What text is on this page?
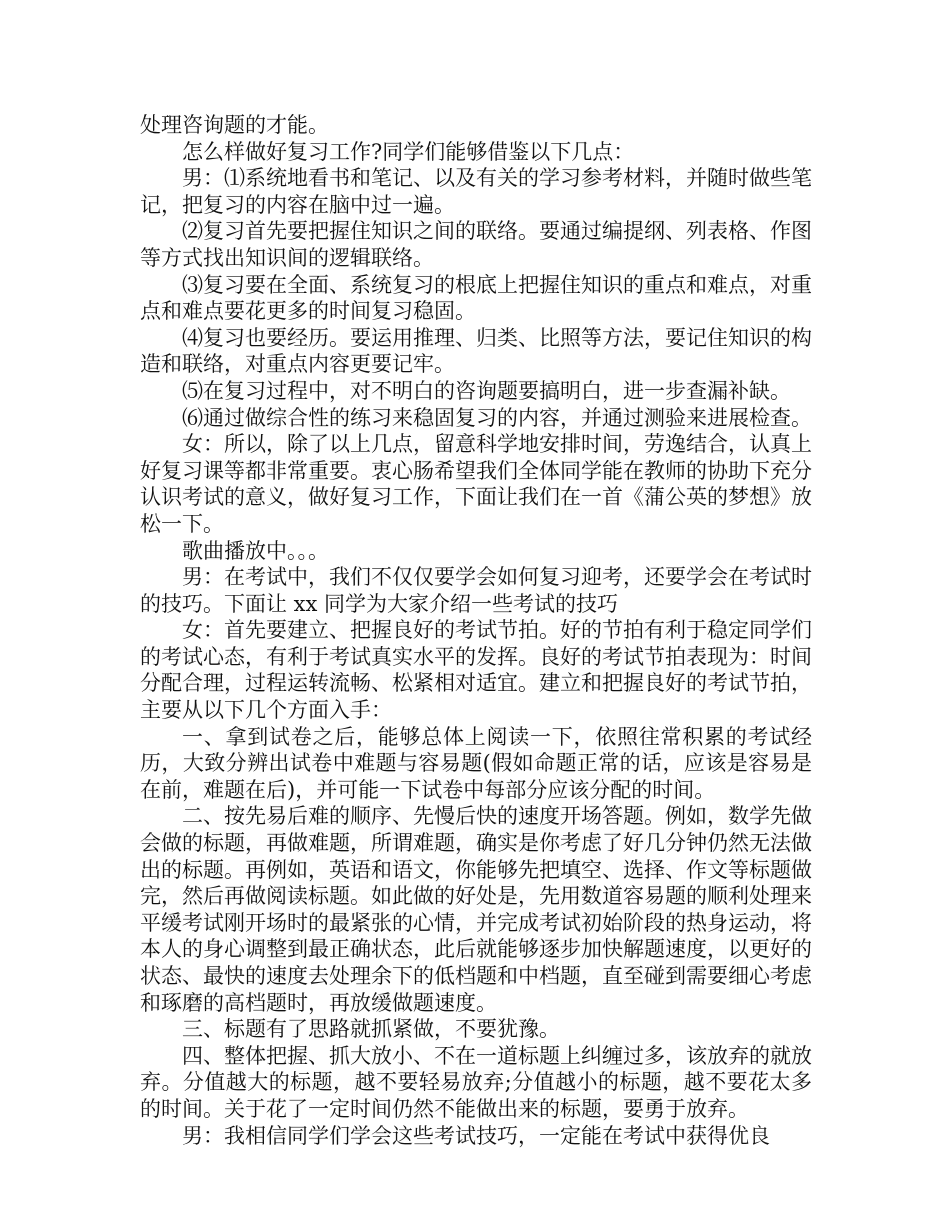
处理咨询题的才能。

怎么样做好复习工作?同学们能够借鉴以下几点：

男：⑴系统地看书和笔记、以及有关的学习参考材料，并随时做些笔记，把复习的内容在脑中过一遍。

⑵复习首先要把握住知识之间的联络。要通过编提纲、列表格、作图等方式找出知识间的逻辑联络。

⑶复习要在全面、系统复习的根底上把握住知识的重点和难点，对重点和难点要花更多的时间复习稳固。

⑷复习也要经历。要运用推理、归类、比照等方法，要记住知识的构造和联络，对重点内容更要记牢。

⑸在复习过程中，对不明白的咨询题要搞明白，进一步查漏补缺。

⑹通过做综合性的练习来稳固复习的内容，并通过测验来进展检查。

女：所以，除了以上几点，留意科学地安排时间，劳逸结合，认真上好复习课等都非常重要。衷心肠希望我们全体同学能在教师的协助下充分认识考试的意义，做好复习工作，下面让我们在一首《蒲公英的梦想》放松一下。

歌曲播放中。。。

男：在考试中，我们不仅仅要学会如何复习迎考，还要学会在考试时的技巧。下面让 xx 同学为大家介绍一些考试的技巧

女：首先要建立、把握良好的考试节拍。好的节拍有利于稳定同学们的考试心态，有利于考试真实水平的发挥。良好的考试节拍表现为：时间分配合理，过程运转流畅、松紧相对适宜。建立和把握良好的考试节拍，主要从以下几个方面入手：

一、拿到试卷之后，能够总体上阅读一下，依照往常积累的考试经历，大致分辨出试卷中难题与容易题(假如命题正常的话，应该是容易是在前，难题在后)，并可能一下试卷中每部分应该分配的时间。

二、按先易后难的顺序、先慢后快的速度开场答题。例如，数学先做会做的标题，再做难题，所谓难题，确实是你考虑了好几分钟仍然无法做出的标题。再例如，英语和语文，你能够先把填空、选择、作文等标题做完，然后再做阅读标题。如此做的好处是，先用数道容易题的顺利处理来平缓考试刚开场时的最紧张的心情，并完成考试初始阶段的热身运动，将本人的身心调整到最正确状态，此后就能够逐步加快解题速度，以更好的状态、最快的速度去处理余下的低档题和中档题，直至碰到需要细心考虑和琢磨的高档题时，再放缓做题速度。

三、标题有了思路就抓紧做，不要犹豫。

四、整体把握、抓大放小、不在一道标题上纠缠过多，该放弃的就放弃。分值越大的标题，越不要轻易放弃;分值越小的标题，越不要花太多的时间。关于花了一定时间仍然不能做出来的标题，要勇于放弃。

男：我相信同学们学会这些考试技巧，一定能在考试中获得优良
